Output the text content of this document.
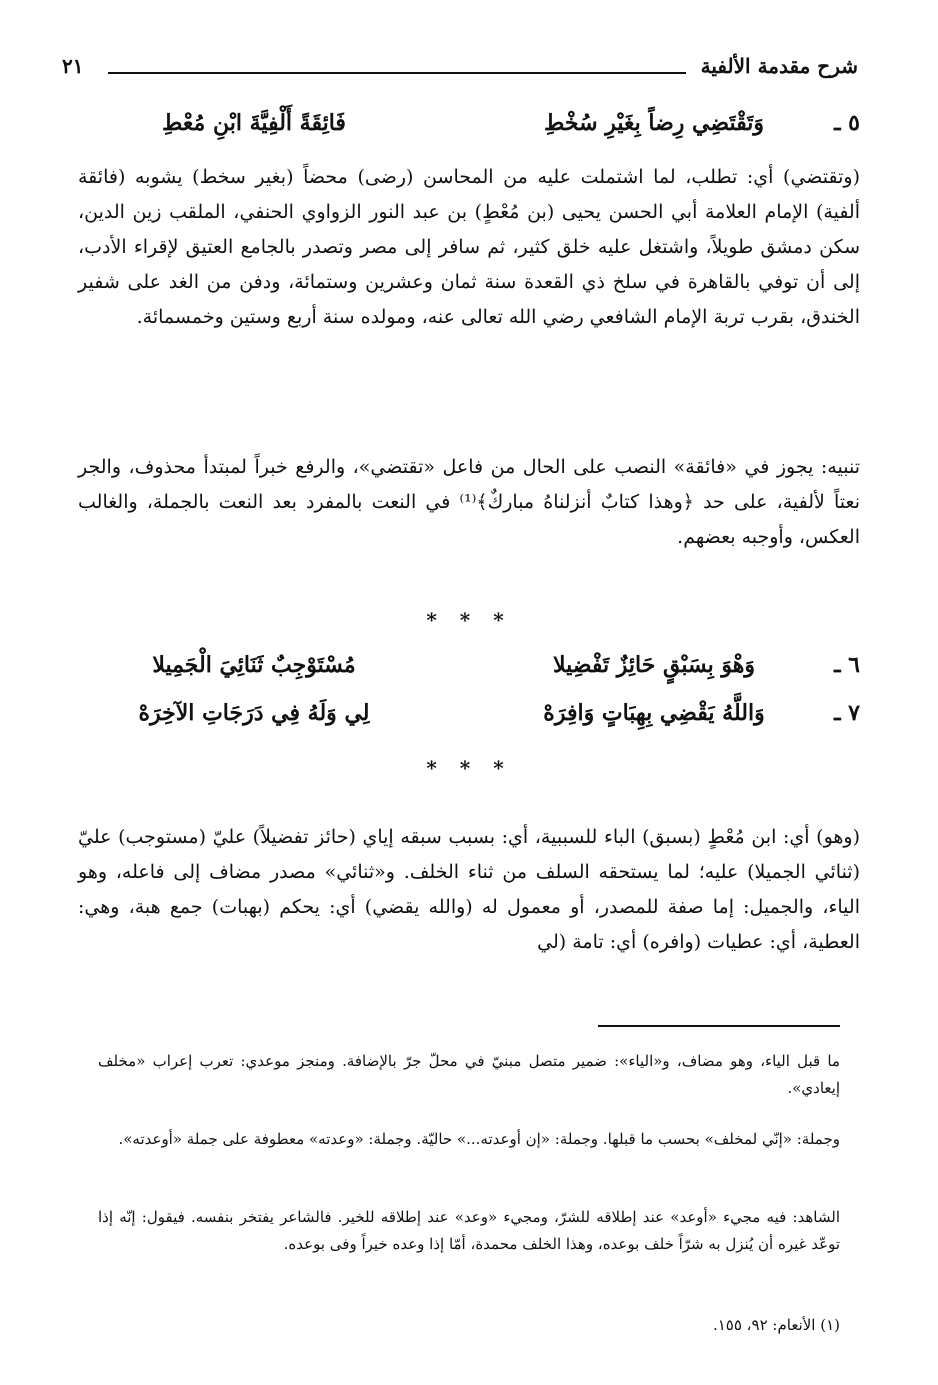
شرح مقدمة الألفية
٢١
٥ ـ
وَتَقْتَضِي رِضاً بِغَيْرِ سُخْطِ
فَائِقَةً أَلْفِيَّةَ ابْنِ مُعْطِ
(وتقتضي) أي: تطلب، لما اشتملت عليه من المحاسن (رضى) محضاً (بغير سخط) يشوبه (فائقة ألفية) الإمام العلامة أبي الحسن يحيى (بن مُعْطٍ) بن عبد النور الزواوي الحنفي، الملقب زين الدين، سكن دمشق طويلاً، واشتغل عليه خلق كثير، ثم سافر إلى مصر وتصدر بالجامع العتيق لإقراء الأدب، إلى أن توفي بالقاهرة في سلخ ذي القعدة سنة ثمان وعشرين وستمائة، ودفن من الغد على شفير الخندق، بقرب تربة الإمام الشافعي رضي الله تعالى عنه، ومولده سنة أربع وستين وخمسمائة.
تنبيه: يجوز في «فائقة» النصب على الحال من فاعل «تقتضي»، والرفع خبراً لمبتدأ محذوف، والجر نعتاً لألفية، على حد ﴿وهذا كتابٌ أنزلناهُ مباركٌ﴾⁽¹⁾ في النعت بالمفرد بعد النعت بالجملة، والغالب العكس، وأوجبه بعضهم.
* * *
٦ ـ
وَهْوَ بِسَبْقٍ حَائِزٌ تَفْضِيلا
مُسْتَوْجِبٌ ثَنَائِيَ الْجَمِيلا
٧ ـ
وَاللَّهُ يَقْضِي بِهِبَاتٍ وَافِرَهْ
لِي وَلَهُ فِي دَرَجَاتِ الآخِرَهْ
* * *
(وهو) أي: ابن مُعْطٍ (بسبق) الباء للسببية، أي: بسبب سبقه إياي (حائز تفضيلاً) عليّ (مستوجب) عليّ (ثنائي الجميلا) عليه؛ لما يستحقه السلف من ثناء الخلف. و«ثنائي» مصدر مضاف إلى فاعله، وهو الياء، والجميل: إما صفة للمصدر، أو معمول له (والله يقضي) أي: يحكم (بهبات) جمع هبة، وهي: العطية، أي: عطيات (وافره) أي: تامة (لي
ما قبل الياء، وهو مضاف، و«الياء»: ضمير متصل مبنيّ في محلّ جرّ بالإضافة. ومنجز موعدي: تعرب إعراب «مخلف إيعادي».
وجملة: «إنّي لمخلف» بحسب ما قبلها. وجملة: «إن أوعدته...» حاليّة. وجملة: «وعدته» معطوفة على جملة «أوعدته».
الشاهد: فيه مجيء «أوعد» عند إطلاقه للشرّ، ومجيء «وعد» عند إطلاقه للخير. فالشاعر يفتخر بنفسه. فيقول: إنّه إذا توعّد غيره أن يُنزل به شرّاً خلف بوعده، وهذا الخلف محمدة، أمّا إذا وعده خيراً وفى بوعده.
(١) الأنعام: ٩٢، ١٥٥.
